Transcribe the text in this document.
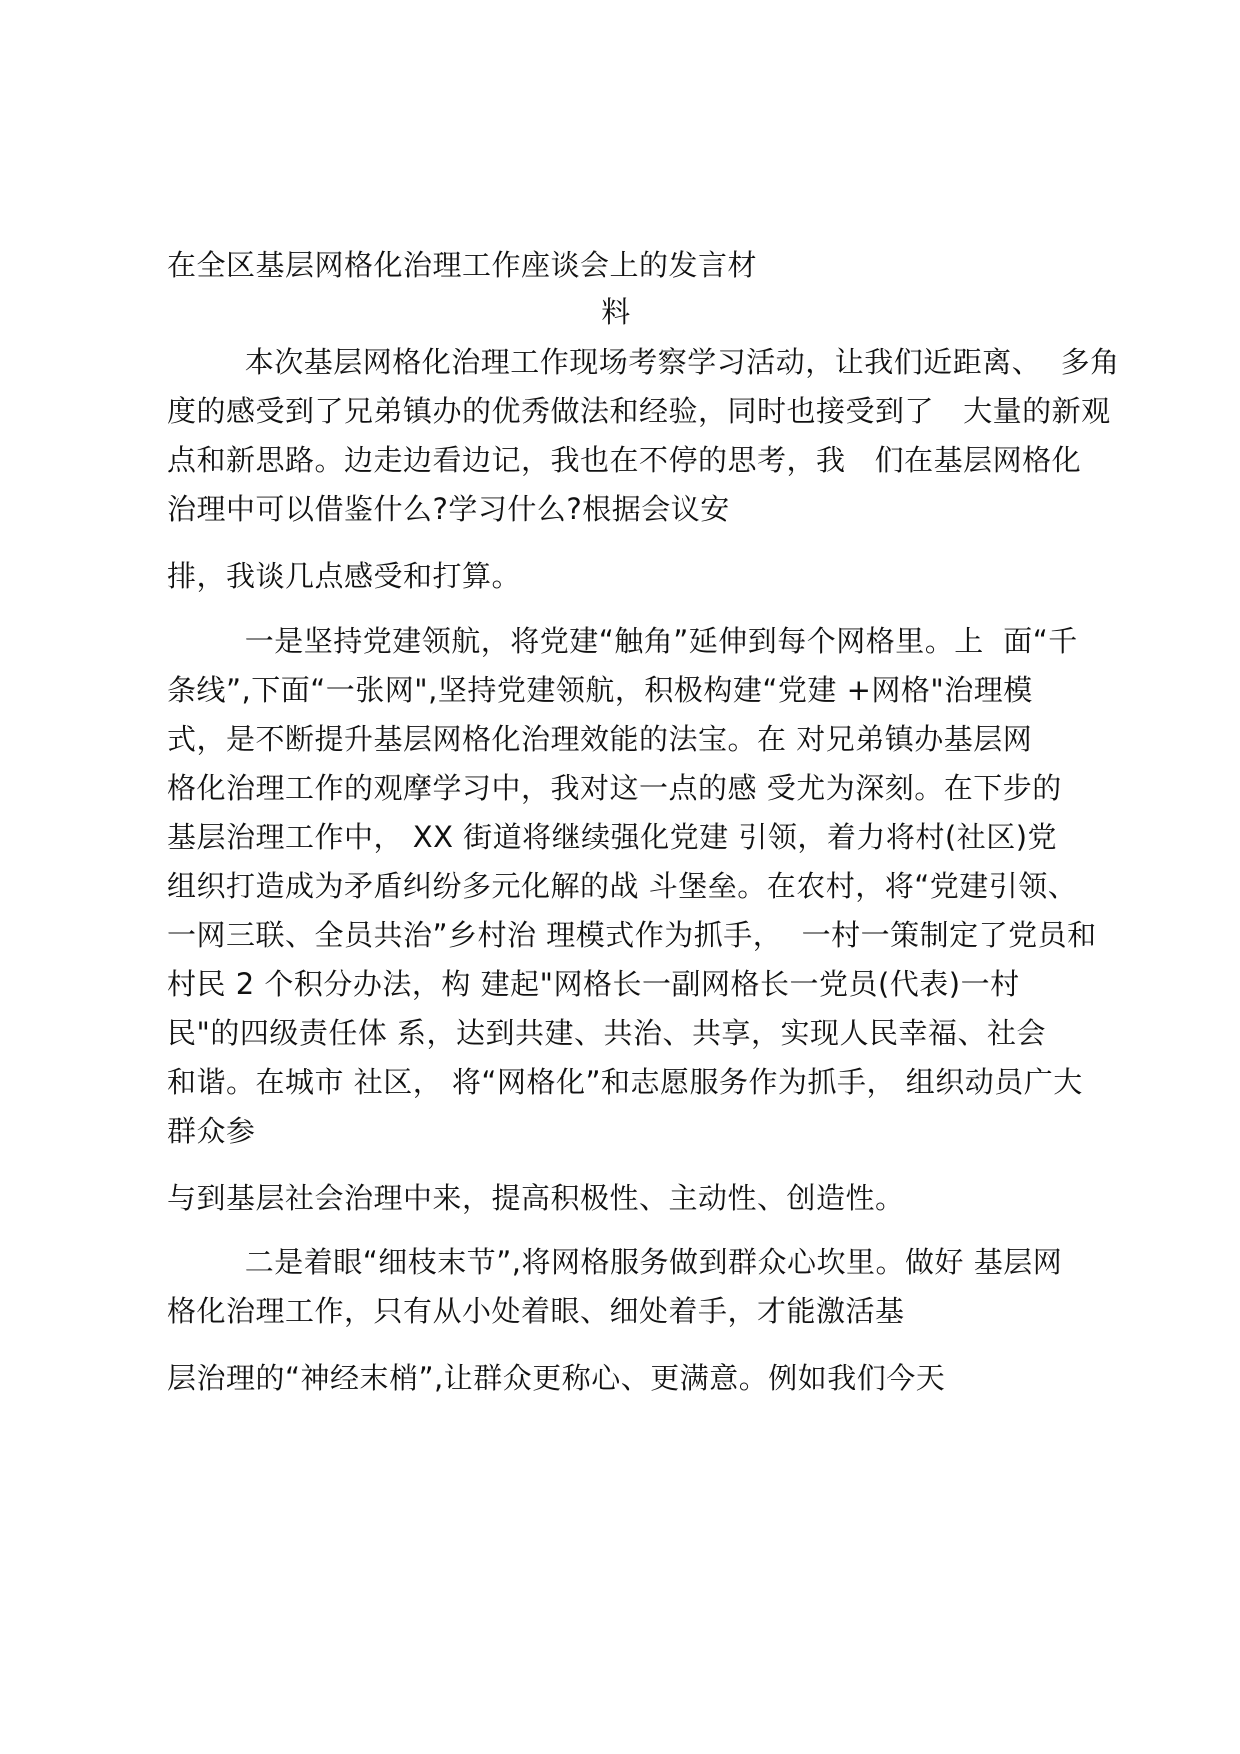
在全区基层网格化治理工作座谈会上的发言材
料
本次基层网格化治理工作现场考察学习活动，让我们近距离、  多角
度的感受到了兄弟镇办的优秀做法和经验，同时也接受到了   大量的新观
点和新思路。边走边看边记，我也在不停的思考，我   们在基层网格化
治理中可以借鉴什么?学习什么?根据会议安
排，我谈几点感受和打算。
一是坚持党建领航，将党建“触角”延伸到每个网格里。上  面“千
条线”,下面“一张网",坚持党建领航，积极构建“党建 +网格"治理模
式，是不断提升基层网格化治理效能的法宝。在 对兄弟镇办基层网
格化治理工作的观摩学习中，我对这一点的感 受尤为深刻。在下步的
基层治理工作中， XX 街道将继续强化党建 引领，着力将村(社区)党
组织打造成为矛盾纠纷多元化解的战 斗堡垒。在农村，将“党建引领、
一网三联、全员共治”乡村治 理模式作为抓手，  一村一策制定了党员和
村民 2 个积分办法，构 建起"网格长一副网格长一党员(代表)一村
民"的四级责任体 系，达到共建、共治、共享，实现人民幸福、社会
和谐。在城市 社区， 将“网格化”和志愿服务作为抓手， 组织动员广大
群众参
与到基层社会治理中来，提高积极性、主动性、创造性。
二是着眼“细枝末节”,将网格服务做到群众心坎里。做好 基层网
格化治理工作，只有从小处着眼、细处着手，才能激活基
层治理的“神经末梢”,让群众更称心、更满意。例如我们今天
